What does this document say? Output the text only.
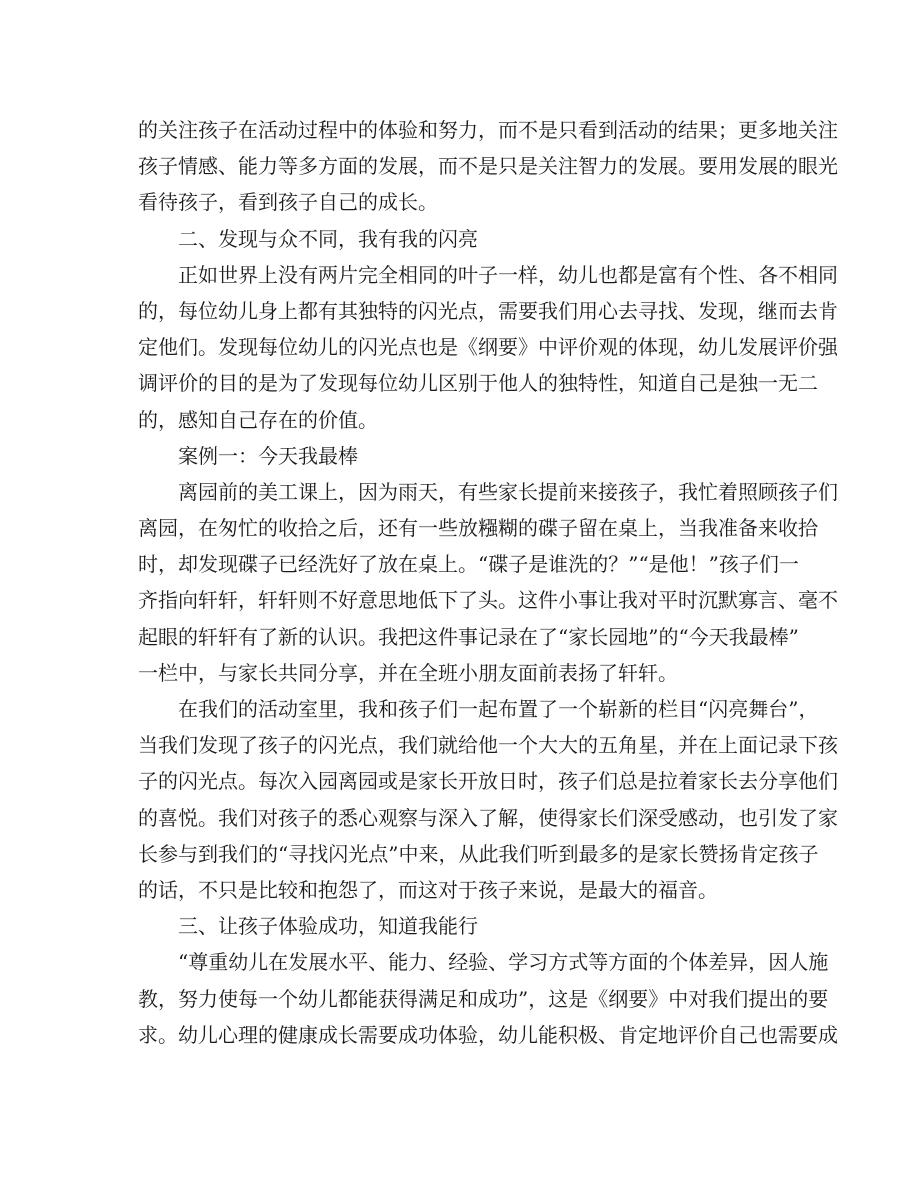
的关注孩子在活动过程中的体验和努力，而不是只看到活动的结果；更多地关注
孩子情感、能力等多方面的发展，而不是只是关注智力的发展。要用发展的眼光
看待孩子，看到孩子自己的成长。
二、发现与众不同，我有我的闪亮
正如世界上没有两片完全相同的叶子一样，幼儿也都是富有个性、各不相同
的，每位幼儿身上都有其独特的闪光点，需要我们用心去寻找、发现，继而去肯
定他们。发现每位幼儿的闪光点也是《纲要》中评价观的体现，幼儿发展评价强
调评价的目的是为了发现每位幼儿区别于他人的独特性，知道自己是独一无二
的，感知自己存在的价值。
案例一：今天我最棒
离园前的美工课上，因为雨天，有些家长提前来接孩子，我忙着照顾孩子们
离园，在匆忙的收拾之后，还有一些放糨糊的碟子留在桌上，当我准备来收拾
时，却发现碟子已经洗好了放在桌上。“碟子是谁洗的？”“是他！”孩子们一
齐指向轩轩，轩轩则不好意思地低下了头。这件小事让我对平时沉默寡言、毫不
起眼的轩轩有了新的认识。我把这件事记录在了“家长园地”的“今天我最棒”
一栏中，与家长共同分享，并在全班小朋友面前表扬了轩轩。
在我们的活动室里，我和孩子们一起布置了一个崭新的栏目“闪亮舞台”，
当我们发现了孩子的闪光点，我们就给他一个大大的五角星，并在上面记录下孩
子的闪光点。每次入园离园或是家长开放日时，孩子们总是拉着家长去分享他们
的喜悦。我们对孩子的悉心观察与深入了解，使得家长们深受感动，也引发了家
长参与到我们的“寻找闪光点”中来，从此我们听到最多的是家长赞扬肯定孩子
的话，不只是比较和抱怨了，而这对于孩子来说，是最大的福音。
三、让孩子体验成功，知道我能行
“尊重幼儿在发展水平、能力、经验、学习方式等方面的个体差异，因人施
教，努力使每一个幼儿都能获得满足和成功”，这是《纲要》中对我们提出的要
求。幼儿心理的健康成长需要成功体验，幼儿能积极、肯定地评价自己也需要成
